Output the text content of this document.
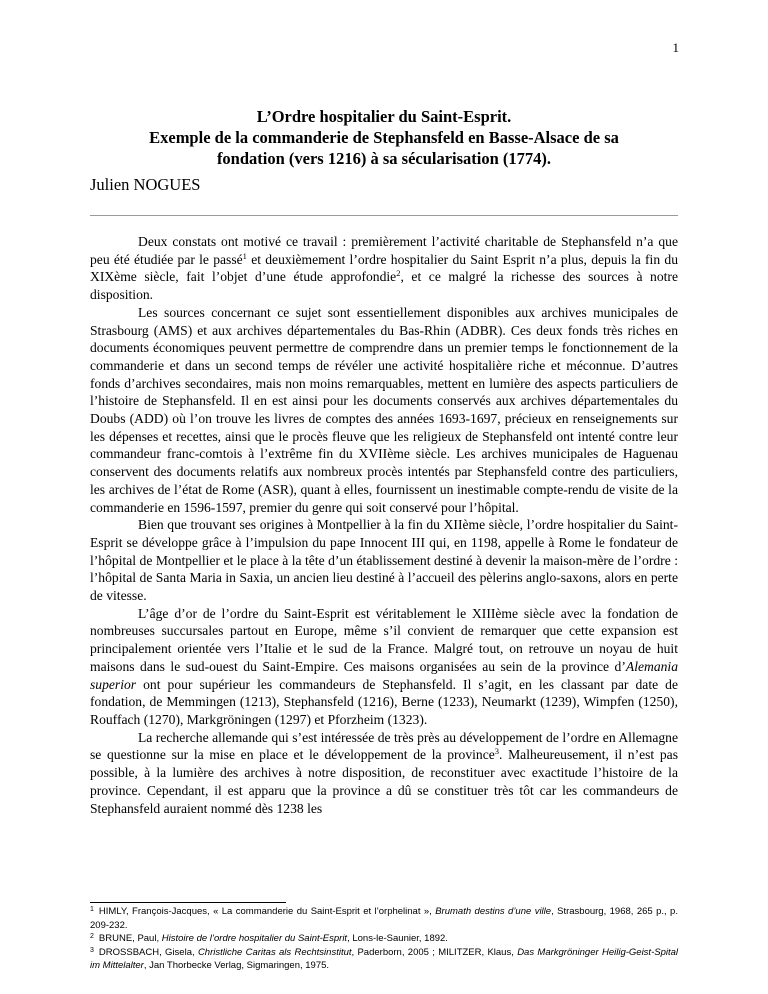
1
L’Ordre hospitalier du Saint-Esprit.
Exemple de la commanderie de Stephansfeld en Basse-Alsace de sa
fondation (vers 1216) à sa sécularisation (1774).
Julien NOGUES

Deux constats ont motivé ce travail : premièrement l’activité charitable de Stephansfeld n’a que peu été étudiée par le passé$^1$ et deuxièmement l’ordre hospitalier du Saint Esprit n’a plus, depuis la fin du XIXème siècle, fait l’objet d’une étude approfondie$^2$, et ce malgré la richesse des sources à notre disposition.

Les sources concernant ce sujet sont essentiellement disponibles aux archives municipales de Strasbourg (AMS) et aux archives départementales du Bas-Rhin (ADBR). Ces deux fonds très riches en documents économiques peuvent permettre de comprendre dans un premier temps le fonctionnement de la commanderie et dans un second temps de révéler une activité hospitalière riche et méconnue. D’autres fonds d’archives secondaires, mais non moins remarquables, mettent en lumière des aspects particuliers de l’histoire de Stephansfeld. Il en est ainsi pour les documents conservés aux archives départementales du Doubs (ADD) où l’on trouve les livres de comptes des années 1693-1697, précieux en renseignements sur les dépenses et recettes, ainsi que le procès fleuve que les religieux de Stephansfeld ont intenté contre leur commandeur franc-comtois à l’extrême fin du XVIIème siècle. Les archives municipales de Haguenau conservent des documents relatifs aux nombreux procès intentés par Stephansfeld contre des particuliers, les archives de l’état de Rome (ASR), quant à elles, fournissent un inestimable compte-rendu de visite de la commanderie en 1596-1597, premier du genre qui soit conservé pour l’hôpital.

Bien que trouvant ses origines à Montpellier à la fin du XIIème siècle, l’ordre hospitalier du Saint-Esprit se développe grâce à l’impulsion du pape Innocent III qui, en 1198, appelle à Rome le fondateur de l’hôpital de Montpellier et le place à la tête d’un établissement destiné à devenir la maison-mère de l’ordre : l’hôpital de Santa Maria in Saxia, un ancien lieu destiné à l’accueil des pèlerins anglo-saxons, alors en perte de vitesse.

L’âge d’or de l’ordre du Saint-Esprit est véritablement le XIIIème siècle avec la fondation de nombreuses succursales partout en Europe, même s’il convient de remarquer que cette expansion est principalement orientée vers l’Italie et le sud de la France. Malgré tout, on retrouve un noyau de huit maisons dans le sud-ouest du Saint-Empire. Ces maisons organisées au sein de la province d’Alemania superior ont pour supérieur les commandeurs de Stephansfeld. Il s’agit, en les classant par date de fondation, de Memmingen (1213), Stephansfeld (1216), Berne (1233), Neumarkt (1239), Wimpfen (1250), Rouffach (1270), Markgröningen (1297) et Pforzheim (1323).

La recherche allemande qui s’est intéressée de très près au développement de l’ordre en Allemagne se questionne sur la mise en place et le développement de la province$^3$. Malheureusement, il n’est pas possible, à la lumière des archives à notre disposition, de reconstituer avec exactitude l’histoire de la province. Cependant, il est apparu que la province a dû se constituer très tôt car les commandeurs de Stephansfeld auraient nommé dès 1238 les

$^1$ HIMLY, François-Jacques, « La commanderie du Saint-Esprit et l’orphelinat », Brumath destins d’une ville, Strasbourg, 1968, 265 p., p. 209-232.
$^2$ BRUNE, Paul, Histoire de l’ordre hospitalier du Saint-Esprit, Lons-le-Saunier, 1892.
$^3$ DROSSBACH, Gisela, Christliche Caritas als Rechtsinstitut, Paderborn, 2005 ; MILITZER, Klaus, Das Markgröninger Heilig-Geist-Spital im Mittelalter, Jan Thorbecke Verlag, Sigmaringen, 1975.
